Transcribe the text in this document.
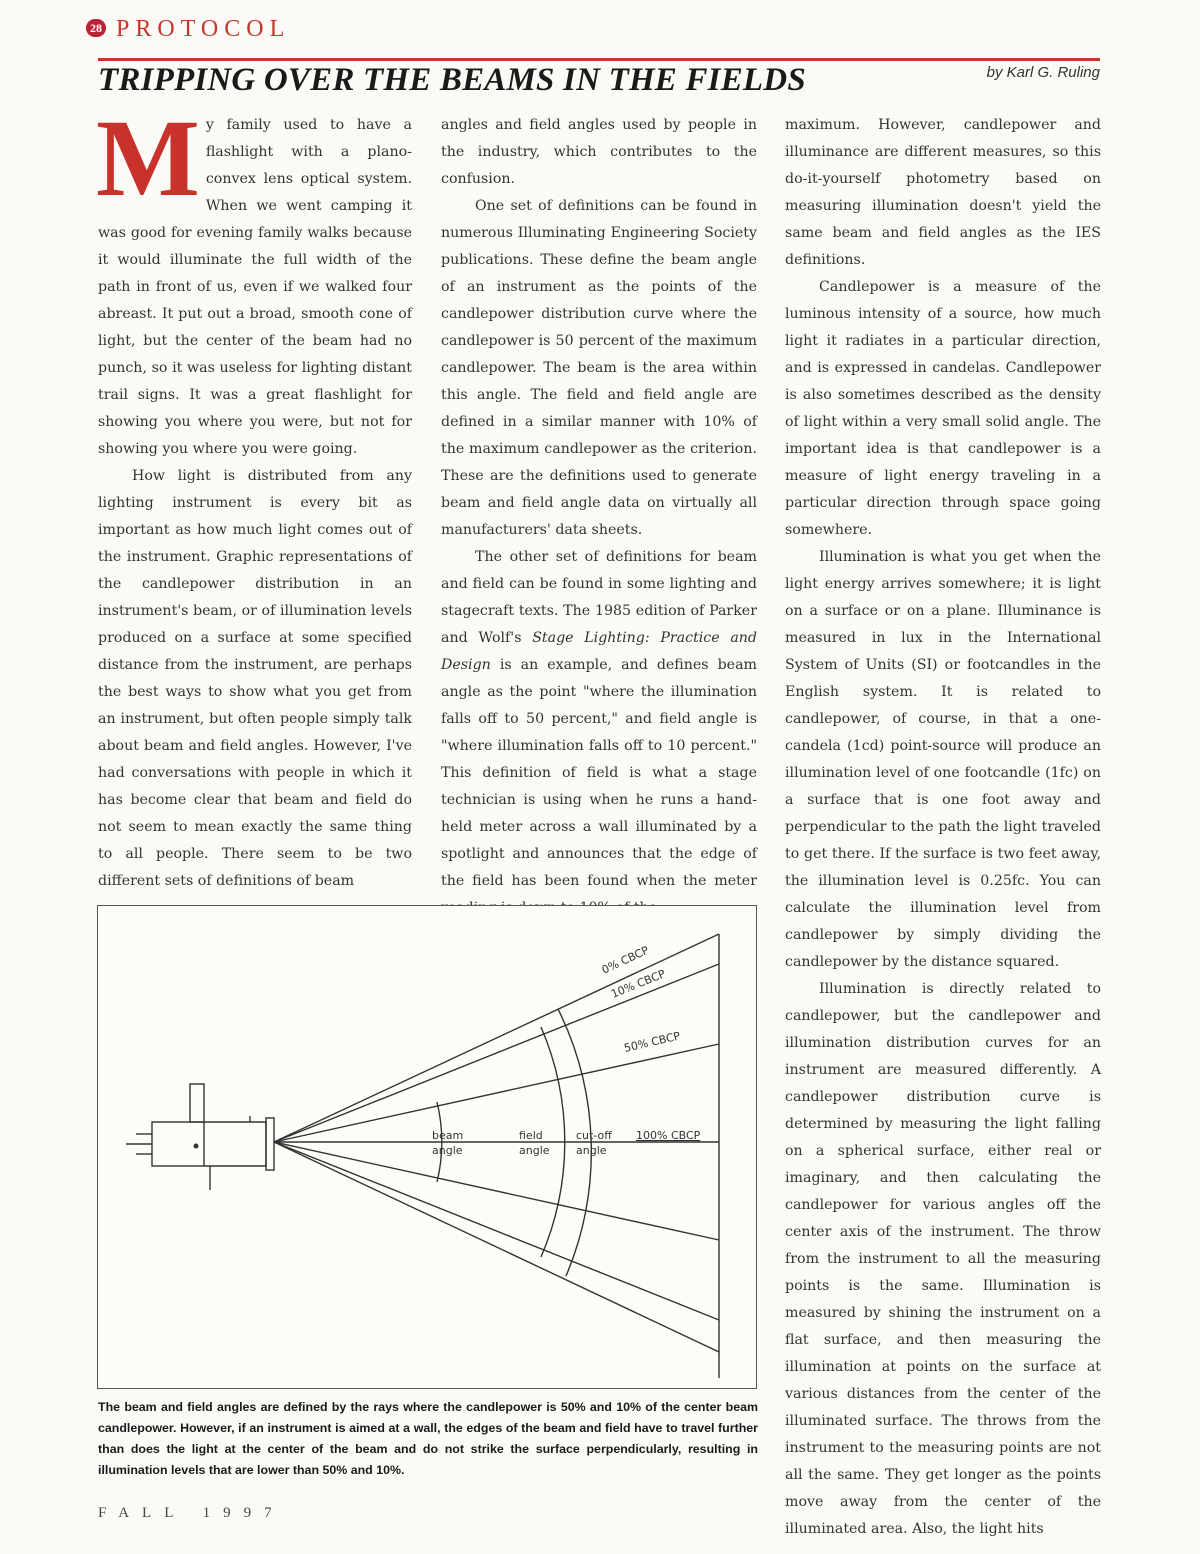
$^{28}$ PROTOCOL
TRIPPING OVER THE BEAMS IN THE FIELDS	by Karl G. Ruling

My family used to have a flashlight with a plano-convex lens optical system. When we went camping it was good for evening family walks because it would illuminate the full width of the path in front of us, even if we walked four abreast. It put out a broad, smooth cone of light, but the center of the beam had no punch, so it was useless for lighting distant trail signs. It was a great flashlight for showing you where you were, but not for showing you where you were going.

How light is distributed from any lighting instrument is every bit as important as how much light comes out of the instrument. Graphic representations of the candlepower distribution in an instrument's beam, or of illumination levels produced on a surface at some specified distance from the instrument, are perhaps the best ways to show what you get from an instrument, but often people simply talk about beam and field angles. However, I've had conversations with people in which it has become clear that beam and field do not seem to mean exactly the same thing to all people. There seem to be two different sets of definitions of beam

angles and field angles used by people in the industry, which contributes to the confusion.

One set of definitions can be found in numerous Illuminating Engineering Society publications. These define the beam angle of an instrument as the points of the candlepower distribution curve where the candlepower is 50 percent of the maximum candlepower. The beam is the area within this angle. The field and field angle are defined in a similar manner with 10% of the maximum candlepower as the criterion. These are the definitions used to generate beam and field angle data on virtually all manufacturers' data sheets.

The other set of definitions for beam and field can be found in some lighting and stagecraft texts. The 1985 edition of Parker and Wolf's Stage Lighting: Practice and Design is an example, and defines beam angle as the point "where the illumination falls off to 50 percent," and field angle is "where illumination falls off to 10 percent." This definition of field is what a stage technician is using when he runs a hand-held meter across a wall illuminated by a spotlight and announces that the edge of the field has been found when the meter

maximum. However, candlepower and illuminance are different measures, so this do-it-yourself photometry based on measuring illumination doesn't yield the same beam and field angles as the IES definitions.

Candlepower is a measure of the luminous intensity of a source, how much light it radiates in a particular direction, and is expressed in candelas. Candlepower is also sometimes described as the density of light within a very small solid angle. The important idea is that candlepower is a measure of light energy traveling in a particular direction through space going somewhere.

Illumination is what you get when the light energy arrives somewhere; it is light on a surface or on a plane. Illuminance is measured in lux in the International System of Units (SI) or footcandles in the English system. It is related to candlepower, of course, in that a one-candela (1cd) point-source will produce an illumination level of one footcandle (1fc) on a surface that is one foot away and perpendicular to the path the light traveled to get there. If the surface is two feet away, the illumination level is 0.25fc. You can calculate the illumination level from candlepower by simply dividing the candlepower by the distance squared.

Illumination is directly related to candlepower, but the candlepower and illumination distribution curves for an instrument are measured differently. A candlepower distribution curve is determined by measuring the light falling on a spherical surface, either real or imaginary, and then calculating the candlepower for various angles off the center axis of the instrument. The throw from the instrument to all the measuring points is the same. Illumination is measured by shining the instrument on a flat surface, and then measuring the illumination at points on the surface at various distances from the center of the illuminated surface. The throws from the instrument to the measuring points are not all the same. They get longer as the points move away from the center of the illuminated area. Also, the light hits

0% CBCP
10% CBCP
50% CBCP
100% CBCP
beam
angle
field
angle
cut-off
angle

The beam and field angles are defined by the rays where the candlepower is 50% and 10% of the center beam candlepower. However, if an instrument is aimed at a wall, the edges of the beam and field have to travel further than does the light at the center of the beam and do not strike the surface perpendicularly, resulting in illumination levels that are lower than 50% and 10%.

FALL 1997
